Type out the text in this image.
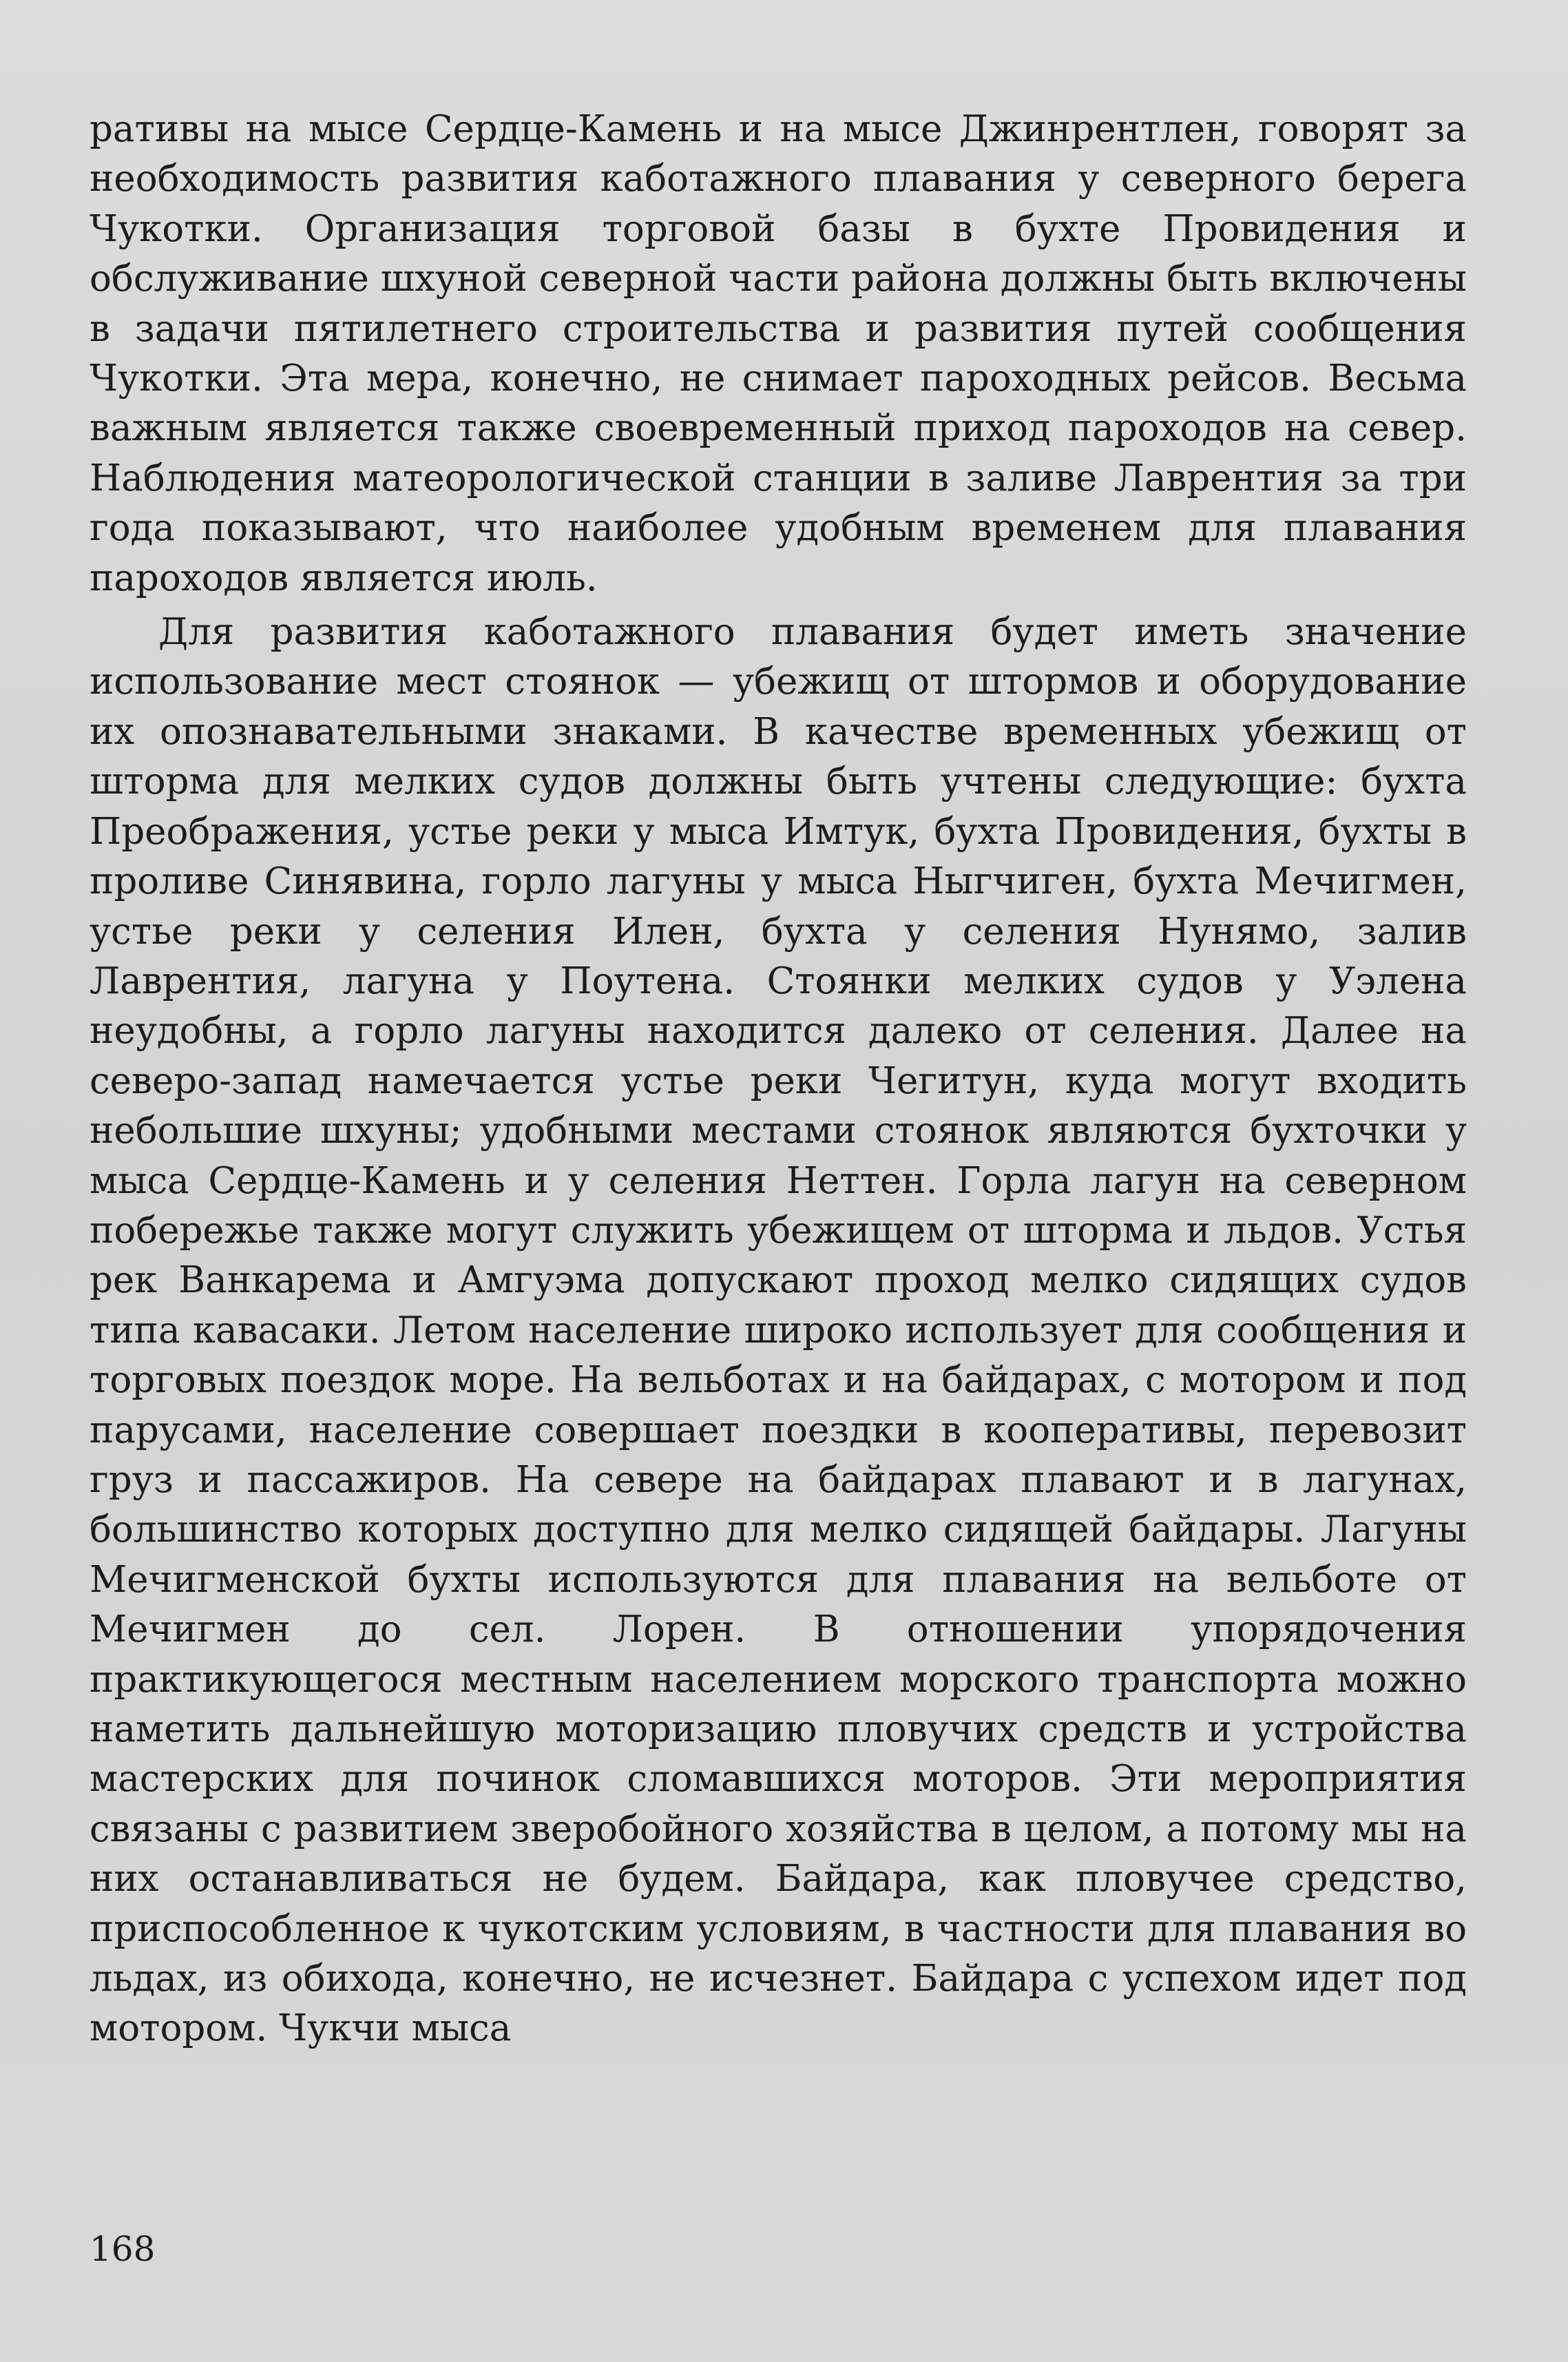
ративы на мысе Сердце-Камень и на мысе Джинрентлен, говорят за необходимость развития каботажного плавания у северного берега Чукотки. Организация торговой базы в бухте Провидения и обслуживание шхуной северной части района должны быть включены в задачи пятилетнего строительства и развития путей сообщения Чукотки. Эта мера, конечно, не снимает пароходных рейсов. Весьма важным является также своевременный приход пароходов на север. Наблюдения матеорологической станции в заливе Лаврентия за три года показывают, что наиболее удобным временем для плавания пароходов является июль.

Для развития каботажного плавания будет иметь значение использование мест стоянок — убежищ от штормов и оборудование их опознавательными знаками. В качестве временных убежищ от шторма для мелких судов должны быть учтены следующие: бухта Преображения, устье реки у мыса Имтук, бухта Провидения, бухты в проливе Синявина, горло лагуны у мыса Ныгчиген, бухта Мечигмен, устье реки у селения Илен, бухта у селения Нунямо, залив Лаврентия, лагуна у Поутена. Стоянки мелких судов у Уэлена неудобны, а горло лагуны находится далеко от селения. Далее на северо-запад намечается устье реки Чегитун, куда могут входить небольшие шхуны; удобными местами стоянок являются бухточки у мыса Сердце-Камень и у селения Неттен. Горла лагун на северном побережье также могут служить убежищем от шторма и льдов. Устья рек Ванкарема и Амгуэма допускают проход мелко сидящих судов типа кавасаки. Летом население широко использует для сообщения и торговых поездок море. На вельботах и на байдарах, с мотором и под парусами, население совершает поездки в кооперативы, перевозит груз и пассажиров. На севере на байдарах плавают и в лагунах, большинство которых доступно для мелко сидящей байдары. Лагуны Мечигменской бухты используются для плавания на вельботе от Мечигмен до сел. Лорен. В отношении упорядочения практикующегося местным населением морского транспорта можно наметить дальнейшую моторизацию пловучих средств и устройства мастерских для починок сломавшихся моторов. Эти мероприятия связаны с развитием зверобойного хозяйства в целом, а потому мы на них останавливаться не будем. Байдара, как пловучее средство, приспособленное к чукотским условиям, в частности для плавания во льдах, из обихода, конечно, не исчезнет. Байдара с успехом идет под мотором. Чукчи мыса

168
